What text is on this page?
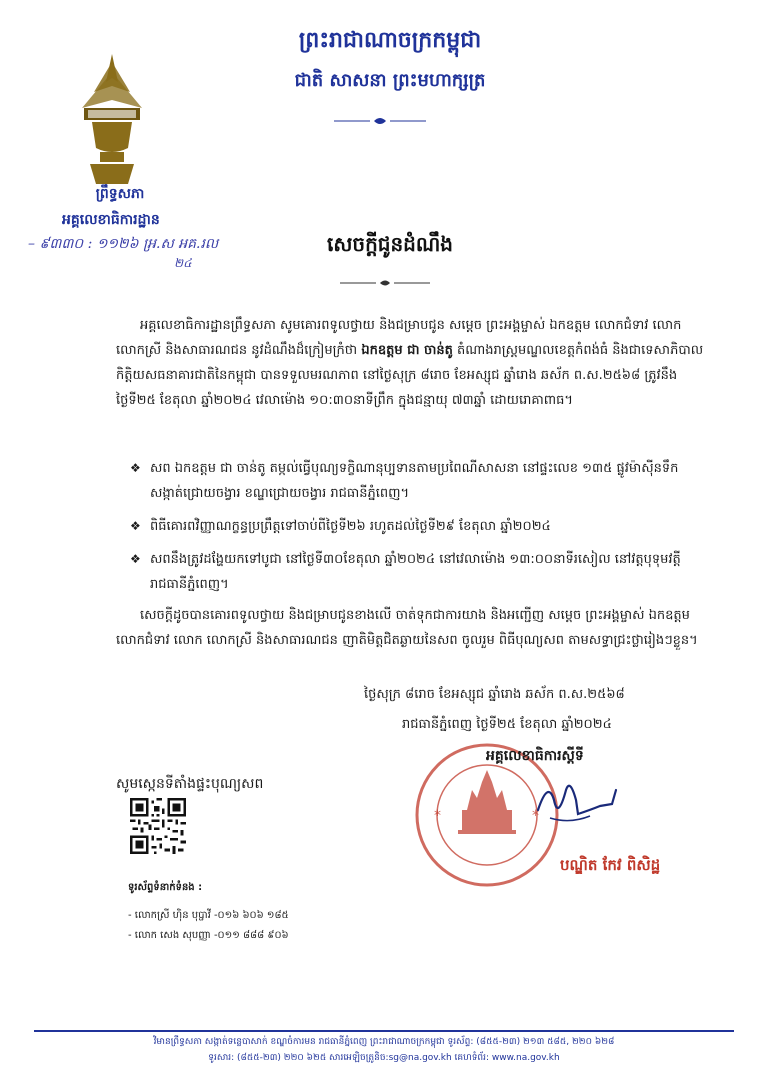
ព្រះរាជាណាចក្រកម្ពុជា
ជាតិ សាសនា ព្រះមហាក្សត្រ
ព្រឹទ្ធសភា
អគ្គលេខាធិការដ្ឋាន
– ៩៣៣០ : ១១២៦ អ្រ.ស អគ.រល
២៤
សេចក្តីជូនដំណឹង
អគ្គលេខាធិការដ្ឋានព្រឹទ្ធសភា សូមគោរពទូលថ្វាយ និងជម្រាបជូន សម្តេច ព្រះអង្គម្ចាស់ ឯកឧត្តម លោកជំទាវ លោក លោកស្រី និងសាធារណជន នូវដំណឹងដ៏ក្រៀមក្រំថា ឯកឧត្តម ជា ចាន់តូ តំណាងរាស្ត្រមណ្ឌលខេត្តកំពង់ធំ និងជាទេសាភិបាលកិត្តិយសធនាគារជាតិនៃកម្ពុជា បានទទួលមរណភាព នៅថ្ងៃសុក្រ ៨រោច ខែអស្សុជ ឆ្នាំរោង ឆស័ក ព.ស.២៥៦៨ ត្រូវនឹងថ្ងៃទី២៥ ខែតុលា ឆ្នាំ២០២៤ វេលាម៉ោង ១០:៣០នាទីព្រឹក ក្នុងជន្មាយុ ៧៣ឆ្នាំ ដោយរោគាពាធ។
❖ សព ឯកឧត្តម ជា ចាន់តូ តម្កល់ធ្វើបុណ្យទក្ខិណានុប្បទានតាមប្រពៃណីសាសនា នៅផ្ទះលេខ ១៣៥ ផ្លូវម៉ាស៊ីនទឹក សង្កាត់ជ្រោយចង្វារ ខណ្ឌជ្រោយចង្វារ រាជធានីភ្នំពេញ។
❖ ពិធីគោរពវិញ្ញាណក្ខន្ធប្រព្រឹត្តទៅចាប់ពីថ្ងៃទី២៦ រហូតដល់ថ្ងៃទី២៩ ខែតុលា ឆ្នាំ២០២៤
❖ សពនឹងត្រូវដង្ហែយកទៅបូជា នៅថ្ងៃទី៣០ខែតុលា ឆ្នាំ២០២៤ នៅវេលាម៉ោង ១៣:០០នាទីរសៀល នៅវត្តបុទុមវត្តី រាជធានីភ្នំពេញ។
សេចក្តីដូចបានគោរពទូលថ្វាយ និងជម្រាបជូនខាងលើ ចាត់ទុកជាការយាង និងអញ្ជើញ សម្តេច ព្រះអង្គម្ចាស់ ឯកឧត្តម លោកជំទាវ លោក លោកស្រី និងសាធារណជន ញាតិមិត្តជិតឆ្ងាយនៃសព ចូលរួម ពិធីបុណ្យសព តាមសទ្ធាជ្រះថ្លារៀងៗខ្លួន។
ថ្ងៃសុក្រ ៨រោច ខែអស្សុជ ឆ្នាំរោង ឆស័ក ព.ស.២៥៦៨
រាជធានីភ្នំពេញ ថ្ងៃទី២៥ ខែតុលា ឆ្នាំ២០២៤
*	*
អគ្គលេខាធិការស្តីទី
បណ្ឌិត កែវ ពិសិដ្ឋ
សូមស្កេនទីតាំងផ្ទះបុណ្យសព
ទូរស័ព្ទទំនាក់ទំនង :
- លោកស្រី ហ៊ិន បុប្ផាវី -០១៦ ៦០៦ ១៨៥
- លោក សេង សុបញ្ញា -០១១ ៨៨៨ ៩០៦
វិមានព្រឹទ្ធសភា សង្កាត់ទន្លេបាសាក់ ខណ្ឌចំការមន រាជធានីភ្នំពេញ ព្រះរាជាណាចក្រកម្ពុជា ទូរស័ព្ទ: (៨៥៥-២៣) ២១៣ ៥៨៥, ២២០ ៦២៨
ទូរសារ: (៨៥៥-២៣) ២២០ ៦២៥ សារអេឡិចត្រូនិច:sg@na.gov.kh គេហទំព័រ: www.na.gov.kh
